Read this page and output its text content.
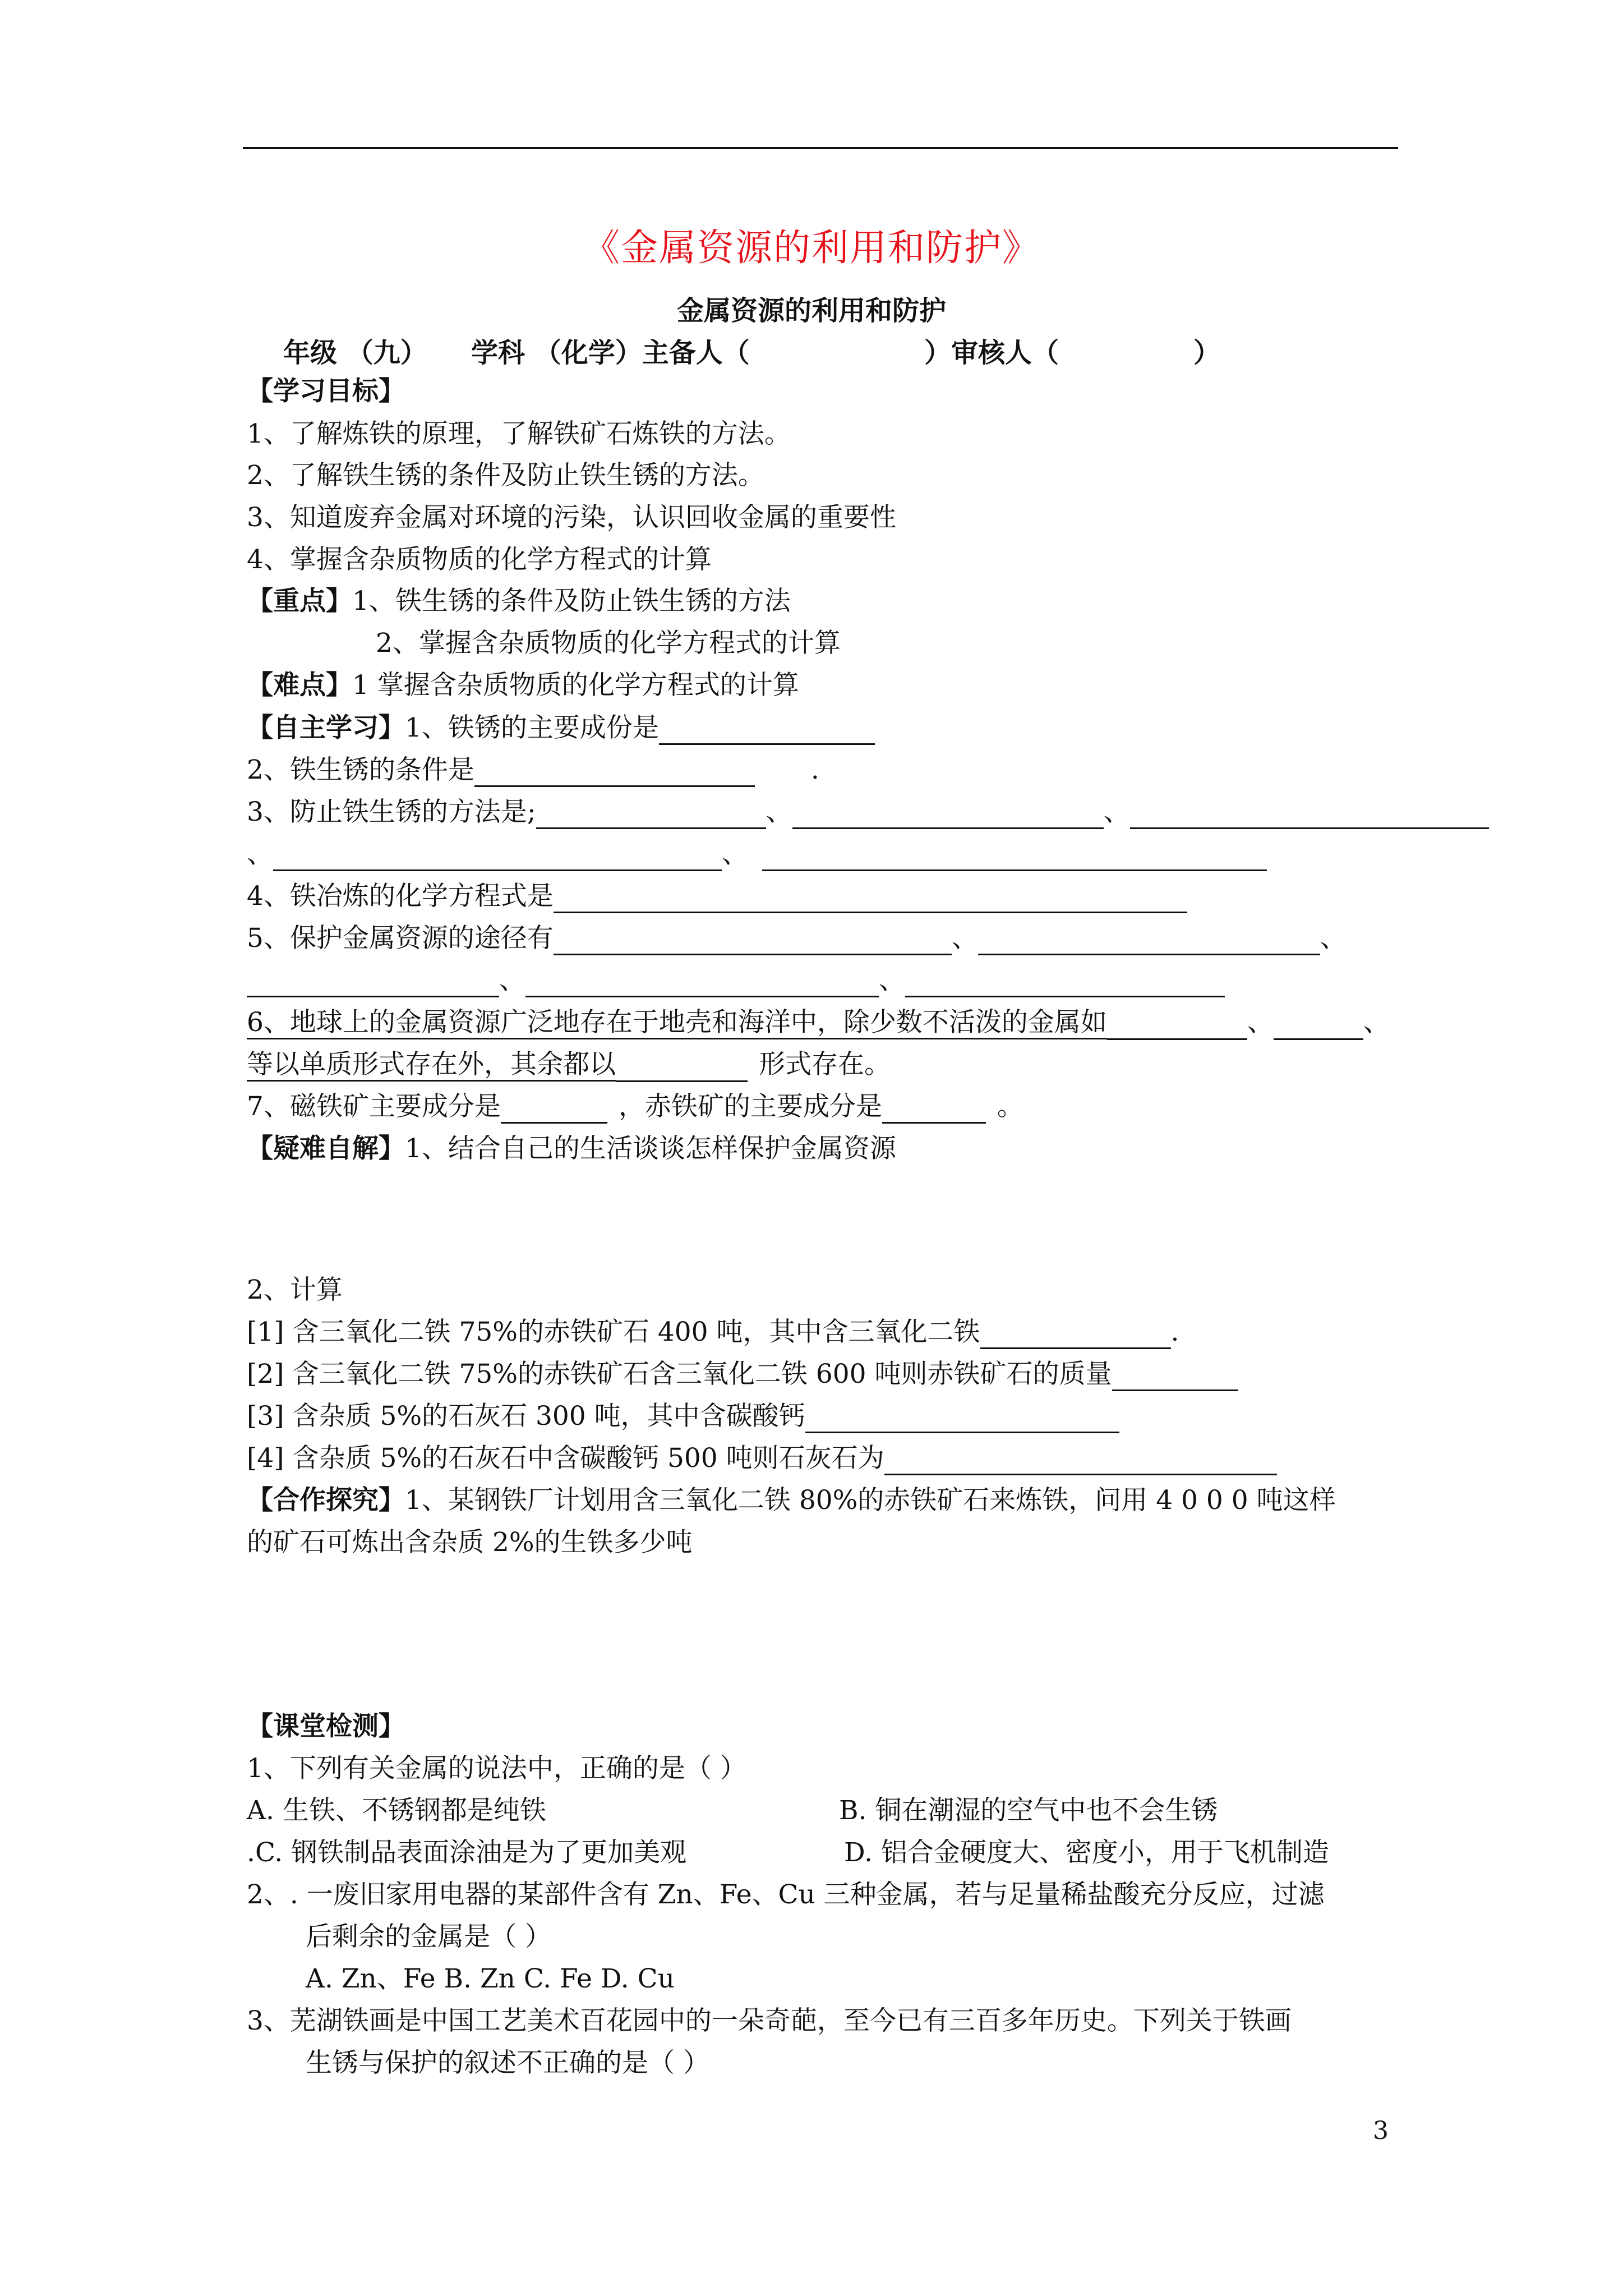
《金属资源的利用和防护》
金属资源的利用和防护
年级 （九） 学科 （化学）主备人（	）审核人（	）
【学习目标】
1、了解炼铁的原理，了解铁矿石炼铁的方法。
2、了解铁生锈的条件及防止铁生锈的方法。
3、知道废弃金属对环境的污染，认识回收金属的重要性
4、掌握含杂质物质的化学方程式的计算
【重点】1、铁生锈的条件及防止铁生锈的方法
2、掌握含杂质物质的化学方程式的计算
【难点】1 掌握含杂质物质的化学方程式的计算
【自主学习】1、铁锈的主要成份是
2、铁生锈的条件是	.
3、防止铁生锈的方法是;	、	、
、	、
4、铁冶炼的化学方程式是
5、保护金属资源的途径有	、	、
、	、
6、地球上的金属资源广泛地存在于地壳和海洋中，除少数不活泼的金属如	、	、
等以单质形式存在外，其余都以	形式存在。
7、磁铁矿主要成分是	，赤铁矿的主要成分是	。
【疑难自解】1、结合自己的生活谈谈怎样保护金属资源
2、计算
[1] 含三氧化二铁 75%的赤铁矿石 400 吨，其中含三氧化二铁	.
[2] 含三氧化二铁 75%的赤铁矿石含三氧化二铁 600 吨则赤铁矿石的质量
[3] 含杂质 5%的石灰石 300 吨，其中含碳酸钙
[4] 含杂质 5%的石灰石中含碳酸钙 500 吨则石灰石为
【合作探究】1、某钢铁厂计划用含三氧化二铁 80%的赤铁矿石来炼铁，问用 4 0 0 0 吨这样
的矿石可炼出含杂质 2%的生铁多少吨
【课堂检测】
1、下列有关金属的说法中，正确的是（ ）
A. 生铁、不锈钢都是纯铁	B. 铜在潮湿的空气中也不会生锈
.C. 钢铁制品表面涂油是为了更加美观	D. 铝合金硬度大、密度小，用于飞机制造
2、. 一废旧家用电器的某部件含有 Zn、Fe、Cu 三种金属，若与足量稀盐酸充分反应，过滤
后剩余的金属是（ ）
A. Zn、Fe B. Zn C. Fe D. Cu
3、芜湖铁画是中国工艺美术百花园中的一朵奇葩，至今已有三百多年历史。下列关于铁画
生锈与保护的叙述不正确的是（ ）
3
